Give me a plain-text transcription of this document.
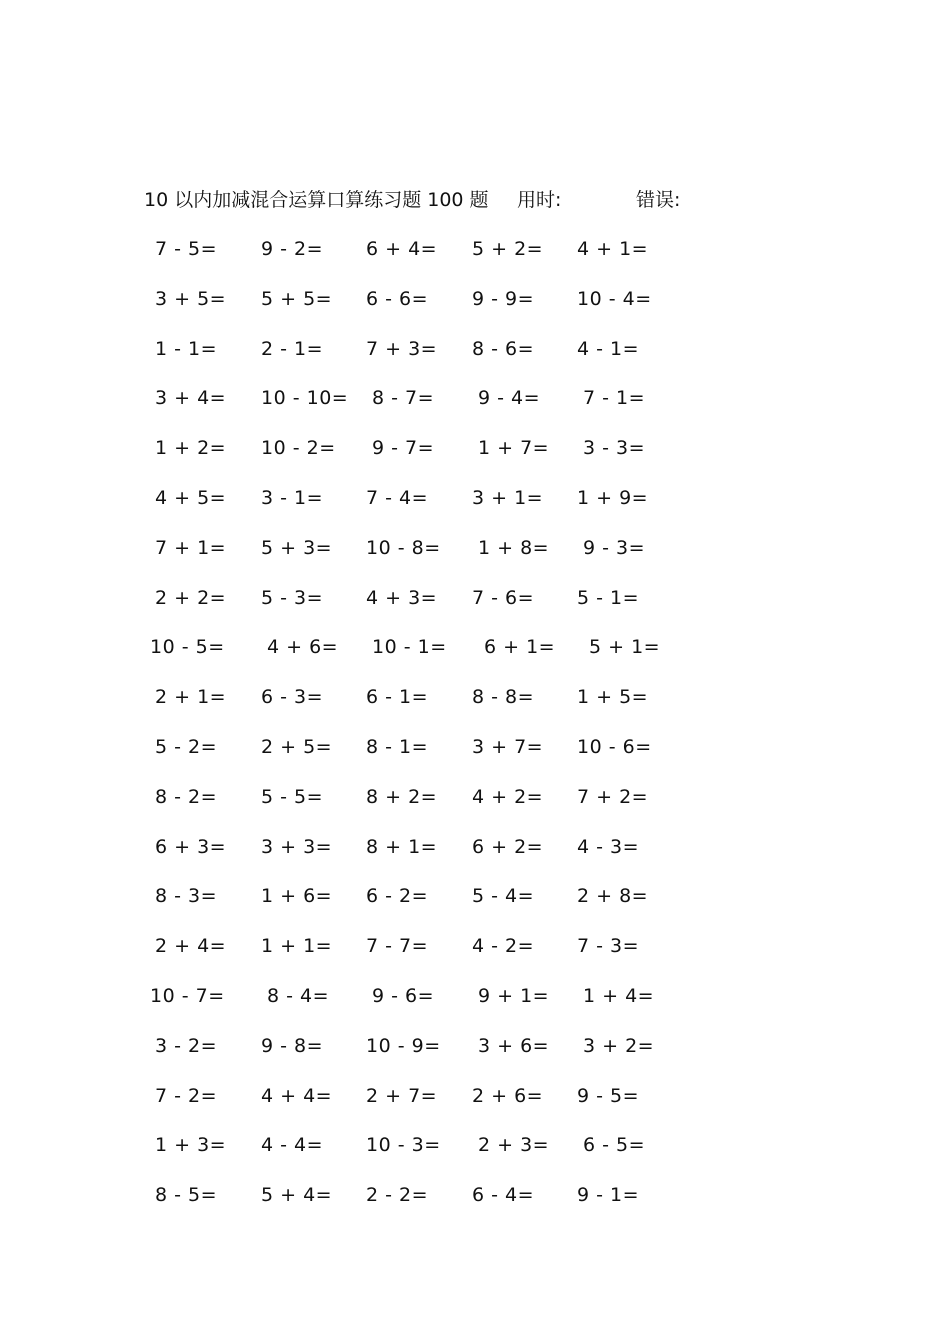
10 以内加减混合运算口算练习题 100 题 用时:	错误:
7 - 5= 9 - 2= 6 + 4= 5 + 2= 4 + 1=
3 + 5= 5 + 5= 6 - 6= 9 - 9= 10 - 4=
1 - 1= 2 - 1= 7 + 3= 8 - 6= 4 - 1=
3 + 4= 10 - 10= 8 - 7= 9 - 4= 7 - 1=
1 + 2= 10 - 2= 9 - 7= 1 + 7= 3 - 3=
4 + 5= 3 - 1= 7 - 4= 3 + 1= 1 + 9=
7 + 1= 5 + 3= 10 - 8= 1 + 8= 9 - 3=
2 + 2= 5 - 3= 4 + 3= 7 - 6= 5 - 1=
10 - 5= 4 + 6= 10 - 1= 6 + 1= 5 + 1=
2 + 1= 6 - 3= 6 - 1= 8 - 8= 1 + 5=
5 - 2= 2 + 5= 8 - 1= 3 + 7= 10 - 6=
8 - 2= 5 - 5= 8 + 2= 4 + 2= 7 + 2=
6 + 3= 3 + 3= 8 + 1= 6 + 2= 4 - 3=
8 - 3= 1 + 6= 6 - 2= 5 - 4= 2 + 8=
2 + 4= 1 + 1= 7 - 7= 4 - 2= 7 - 3=
10 - 7= 8 - 4= 9 - 6= 9 + 1= 1 + 4=
3 - 2= 9 - 8= 10 - 9= 3 + 6= 3 + 2=
7 - 2= 4 + 4= 2 + 7= 2 + 6= 9 - 5=
1 + 3= 4 - 4= 10 - 3= 2 + 3= 6 - 5=
8 - 5= 5 + 4= 2 - 2= 6 - 4= 9 - 1=
